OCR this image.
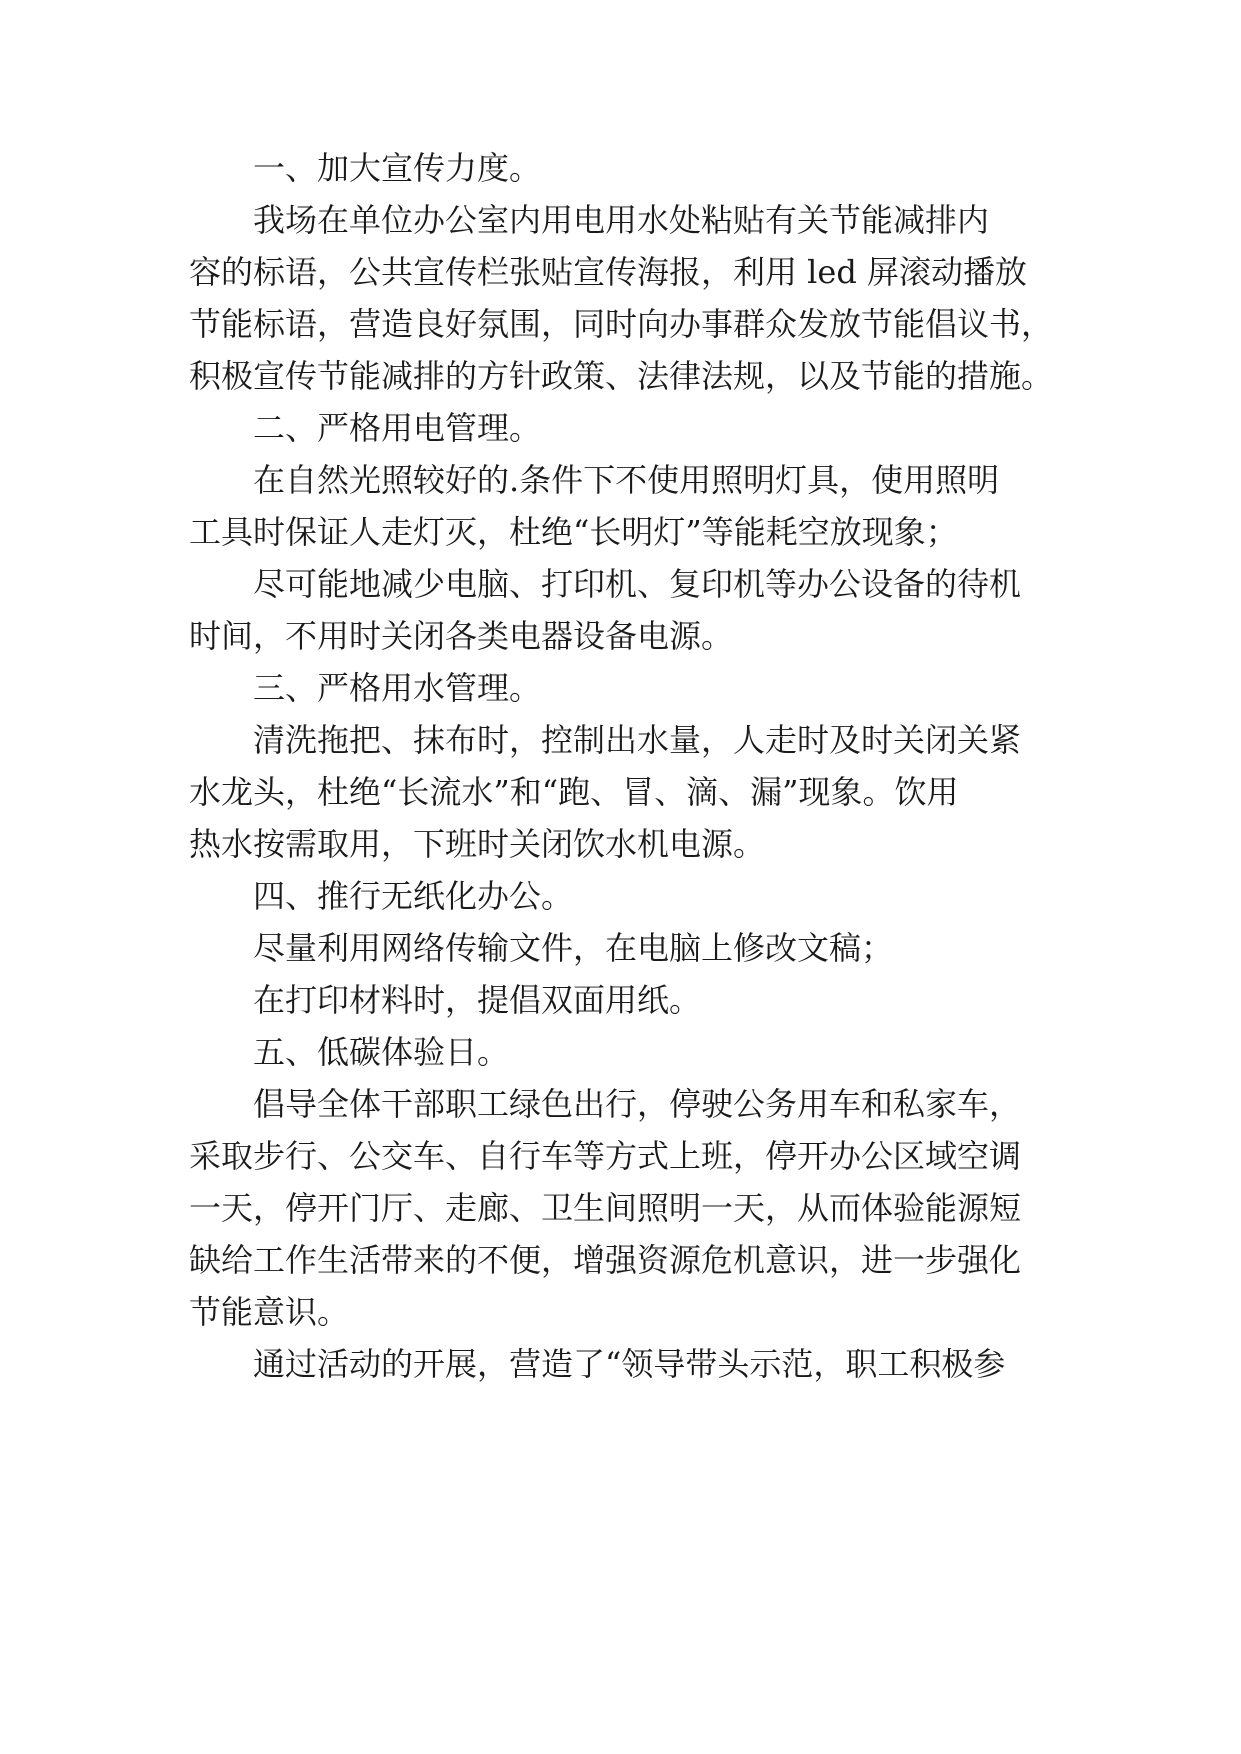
一、加大宣传力度。
我场在单位办公室内用电用水处粘贴有关节能减排内
容的标语，公共宣传栏张贴宣传海报，利用 led 屏滚动播放
节能标语，营造良好氛围，同时向办事群众发放节能倡议书，
积极宣传节能减排的方针政策、法律法规，以及节能的措施。
二、严格用电管理。
在自然光照较好的.条件下不使用照明灯具，使用照明
工具时保证人走灯灭，杜绝“长明灯”等能耗空放现象；
尽可能地减少电脑、打印机、复印机等办公设备的待机
时间，不用时关闭各类电器设备电源。
三、严格用水管理。
清洗拖把、抹布时，控制出水量，人走时及时关闭关紧
水龙头，杜绝“长流水”和“跑、冒、滴、漏”现象。饮用
热水按需取用，下班时关闭饮水机电源。
四、推行无纸化办公。
尽量利用网络传输文件，在电脑上修改文稿；
在打印材料时，提倡双面用纸。
五、低碳体验日。
倡导全体干部职工绿色出行，停驶公务用车和私家车，
采取步行、公交车、自行车等方式上班，停开办公区域空调
一天，停开门厅、走廊、卫生间照明一天，从而体验能源短
缺给工作生活带来的不便，增强资源危机意识，进一步强化
节能意识。
通过活动的开展，营造了“领导带头示范，职工积极参
